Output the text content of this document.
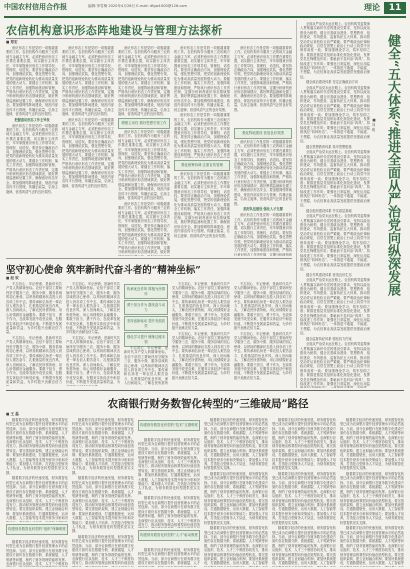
中国农村信用合作报	编辑:李雪梅 2020年4月28日 E-mail: dfgw1000@126.com	理论 11
农信机构意识形态阵地建设与管理方法探析
■ 郑宏

意识形态工作是党的一项极端重要的工作。农信机构作为服务三农的地方金融主力军，必须把意识形态工作摆在重要位置，切实履行主体责任，牢牢掌握意识形态工作领导权、管理权、话语权。要坚持正确政治方向，加强理论武装，强化思想引领，把党的创新理论转化为推动高质量发展的强大动力。要健全工作机制，落实工作责任，加强阵地建设和管理，严格执行意识形态工作责任制，定期分析研判意识形态领域情况，做好舆情监测和处置工作，确保意识形态安全。要加强网络阵地建设，规范内部宣传平台管理，传播正能量，弘扬主旋律，营造风清气正的良好氛围。

把握意识形态工作主导权

意识形态工作是党的一项极端重要的工作。农信机构作为服务三农的地方金融主力军，必须把意识形态工作摆在重要位置，切实履行主体责任，牢牢掌握意识形态工作领导权、管理权、话语权。要坚持正确政治方向，加强理论武装，强化思想引领，把党的创新理论转化为推动高质量发展的强大动力。要健全工作机制，落实工作责任，加强阵地建设和管理，严格执行意识形态工作责任制，定期分析研判意识形态领域情况，做好舆情监测和处置工作，确保意识形态安全。要加强网络阵地建设，规范内部宣传平台管理，传播正能量，弘扬主旋律，营造风清气正的良好氛围。

意识形态工作是党的一项极端重要的工作。农信机构作为服务三农的地方金融主力军，必须把意识形态工作摆在重要位置，切实履行主体责任，牢牢掌握意识形态工作领导权、管理权、话语权。要坚持正确政治方向，加强理论武装，强化思想引领，把党的创新理论转化为推动高质量发展的强大动力。要健全工作机制，落实工作责任，加强阵地建设和管理，严格执行意识形态工作责任制，定期分析研判意识形态领域情况，做好舆情监测和处置工作，确保意识形态安全。要加强网络阵地建设，规范内部宣传平台管理，传播正能量，弘扬主旋律，营造风清气正的良好氛围。

意识形态工作是党的一项极端重要的工作。农信机构作为服务三农的地方金融主力军，必须把意识形态工作摆在重要位置，切实履行主体责任，牢牢掌握意识形态工作领导权、管理权、话语权。要坚持正确政治方向，加强理论武装，强化思想引领，把党的创新理论转化为推动高质量发展的强大动力。要健全工作机制，落实工作责任，加强阵地建设和管理，严格执行意识形态工作责任制，定期分析研判意识形态领域情况，做好舆情监测和处置工作，确保意识形态安全。要加强网络阵地建设，规范内部宣传平台管理，传播正能量，弘扬主旋律，营造风清气正的良好氛围。

意识形态工作是党的一项极端重要的工作。农信机构作为服务三农的地方金融主力军，必须把意识形态工作摆在重要位置，切实履行主体责任，牢牢掌握意识形态工作领导权、管理权、话语权。要坚持正确政治方向，加强理论武装，强化思想引领，把党的创新理论转化为推动高质量发展的强大动力。要健全工作机制，落实工作责任，加强阵地建设和管理，严格执行意识形态工作责任制，定期分析研判意识形态领域情况，做好舆情监测和处置工作，确保意识形态安全。要加强网络阵地建设，规范内部宣传平台管理，传播正能量，弘扬主旋律，营造风清气正的良好氛围。

增强主动性 做好思想引领工作

意识形态工作是党的一项极端重要的工作。农信机构作为服务三农的地方金融主力军，必须把意识形态工作摆在重要位置，切实履行主体责任，牢牢掌握意识形态工作领导权、管理权、话语权。要坚持正确政治方向，加强理论武装，强化思想引领，把党的创新理论转化为推动高质量发展的强大动力。要健全工作机制，落实工作责任，加强阵地建设和管理，严格执行意识形态工作责任制，定期分析研判意识形态领域情况，做好舆情监测和处置工作，确保意识形态安全。要加强网络阵地建设，规范内部宣传平台管理，传播正能量，弘扬主旋律，营造风清气正的良好氛围。

意识形态工作是党的一项极端重要的工作。农信机构作为服务三农的地方金融主力军，必须把意识形态工作摆在重要位置，切实履行主体责任，牢牢掌握意识形态工作领导权、管理权、话语权。要坚持正确政治方向，加强理论武装，强化思想引领，把党的创新理论转化为推动高质量发展的强大动力。要健全工作机制，落实工作责任，加强阵地建设和管理，严格执行意识形态工作责任制，定期分析研判意识形态领域情况，做好舆

意识形态工作是党的一项极端重要的工作。农信机构作为服务三农的地方金融主力军，必须把意识形态工作摆在重要位置，切实履行主体责任，牢牢掌握意识形态工作领导权、管理权、话语权。要坚持正确政治方向，加强理论武装，强化思想引领，把党的创新理论转化为推动高质量发展的强大动力。要健全工作机制，落实工作责任，加强阵地建设和管理，严格执行意识形态工作责任制，定期分析研判意识形态领域情况，做好舆情监测和处置工作，确保意识形态安全。要加强网络阵地建设，规范内部宣传平台管理，传播正能量，弘扬主旋律，营造风清气正的良好氛围。

意识形态工作是党的一项极端重要的工作。农信机构作为服务三农的地方金融主力军，必须把意识形态工作摆在重要位置，切实履行主体责任，牢牢掌握意识形态工作领导权、管理权、话语权。要坚持正确政治方向，加强理论武装，强化思想引领，把党的创新理论转化为推动高质量发展的强大动力。要健全工作机制，落实工作责任，加强阵地建设和管理，严格执行意识形态工作责

强化统筹协调 注重宣传管理

意识形态工作是党的一项极端重要的工作。农信机构作为服务三农的地方金融主力军，必须把意识形态工作摆在重要位置，切实履行主体责任，牢牢掌握意识形态工作领导权、管理权、话语权。要坚持正确政治方向，加强理论武装，强化思想引领，把党的创新理论转化为推动高质量发展的强大动力。要健全工作机制，落实工作责任，加强阵地建设和管理，严格执行意识形态工作责任制，定期分析研判意识形态领域情况，做好舆情监测和处置工作，确保意识形态安全。要加强网络阵地建设，规范内部宣传平台管理，传播正能量，弘扬主旋律，营造风清气正的良好氛围。

意识形态工作是党的一项极端重要的工作。农信机构作为服务三农的地方金融主力军，必须把意识形态工作摆在重要位置，切实履行主体责任，牢牢掌握意识形态工作领导权、管理权、话语权。要坚持正确政治方向，加强理论武装，强化思想引领，把党的创新理论转化为推动高质量发展的强大动力。要健全工作机制，落实工作责任，加强阵地建设和管理，严格执行意识形态工作责任制，定期分析研判意识形态领域情况，做好舆情监测和处置工作，确保意识形态安全。要加强网络阵地建设，规范内部宣传平台管理，传播正能量，弘扬主旋律，营造风清气正的良好氛围。

强化阵地建设 营造良好氛围

意识形态工作是党的一项极端重要的工作。农信机构作为服务三农的地方金融主力军，必须把意识形态工作摆在重要位置，切实履行主体责任，牢牢掌握意识形态工作领导权、管理权、话语权。要坚持正确政治方向，加强理论武装，强化思想引领，把党的创新理论转化为推动高质量发展的强大动力。要健全工作机制，落实工作责任，加强阵地建设和管理，严格执行意识形态工作责任制，定期分析研判意识形态领域情况，做好舆情监测和处置工作，确保意识形态安全。要加强网络阵地建设，规范内部宣传平台管理，传播正能量，弘扬主旋律，营造风清气正的良好氛围。

抓好队伍建设 强化人才支撑

意识形态工作是党的一项极端重要的工作。农信机构作为服务三农的地方金融主力军，必须把意识形态工作摆在重要位置，切实履行主体责任，牢牢掌握意识形态工作领导权、管理权、话语权。要坚持正确政治方向，加强理论武装，强化思想引领，把党的创新理论转化为推动高质量发展的强大动力。要健全工作机制，落实工作责任，加强阵地建设和管理，严格执行意识形态工作责任制，定期分析研判意

坚守初心使命 筑牢新时代奋斗者的“精神坐标”
■ 赵 钦

不忘初心、牢记使命，是新时代共产党人的精神坐标。农信干部员工要始终坚守服务三农、服务小微、服务县域的初心使命，以昂扬的精神状态投入到各项工作中去。要传承和弘扬老一辈农信人艰苦奋斗、扎根基层的优良作风，深入田间地头，了解农民所需所盼，用心用情做好金融服务。要敢于担当、勇于作为，在改革发展中攻坚克难，在服务实体经济中彰显价值，不断提升发展质量和效益，为乡村振兴贡献农信力量。

不忘初心、牢记使命，是新时代共产党人的精神坐标。农信干部员工要始终坚守服务三农、服务小微、服务县域的初心使命，以昂扬的精神状态投入到各项工作中去。要传承和弘扬老一辈农信人艰苦奋斗、扎根基层的优良作风，深入田间地头，了解农民所需所盼，用心用情做好金融服务。要敢于担当、勇于作为，在改革发展中攻坚克难，在服务实体经济中彰显价值，不断提升发展质量和效益，为乡村振兴贡献农信力

不忘初心、牢记使命，是新时代共产党人的精神坐标。农信干部员工要始终坚守服务三农、服务小微、服务县域的初心使命，以昂扬的精神状态投入到各项工作中去。要传承和弘扬老一辈农信人艰苦奋斗、扎根基层的优良作风，深入田间地头，了解农民所需所盼，用心用情做好金融服务。要敢于担当、勇于作为，在改革发展中攻坚克难，在服务实体经济中彰显价值，不断提升发展质量和效益，为乡村振兴贡献农信力量。

不忘初心、牢记使命，是新时代共产党人的精神坐标。农信干部员工要始终坚守服务三农、服务小微、服务县域的初心使命，以昂扬的精神状态投入到各项工作中去。要传承和弘扬老一辈农信人艰苦奋斗、扎根基层的优良作风，深入田间地头，了解农民所需所盼，用心用情做好金融服务。要敢于担当、勇于作为，在改革发展中攻坚克难，在服务实体经济中彰显价值，不断提升发展质量和效益，为

传承优良作风 厚植为民情怀
勇于担当作为 激发奋斗动力
坚持创新驱动 提升发展质效
强化学习提升 锤炼过硬本领

不忘初心、牢记使命，是新时代共产党人的精神坐标。农信干部员工要始终坚守服务三农、服务小微、服务县域的初心使命，以昂扬的精神状态投入到各项工作中去。要传承和弘扬老一辈农信人艰苦奋斗、扎根基层的优良作风，深入田间地头，了解农民所需所

不忘初心、牢记使命，是新时代共产党人的精神坐标。农信干部员工要始终坚守服务三农、服务小微、服务县域的初心使命，以昂扬的精神状态投入到各项工作中去。要传承和弘扬老一辈农信人艰苦奋斗、扎根基层的优良作风，深入田间地头，了解农民所需所盼，用心用情做好金融服务。要敢于担当、勇于作为，在改革发展中攻坚克难，在服务实体经济中彰显价值，不断提升发展质量和效益，为乡村振兴贡献农信力量。

不忘初心、牢记使命，是新时代共产党人的精神坐标。农信干部员工要始终坚守服务三农、服务小微、服务县域的初心使命，以昂扬的精神状态投入到各项工作中去。要传承和弘扬老一辈农信人艰苦奋斗、扎根基层的优良作风，深入田间地头，了解农民所需所盼，用心用情做好金融服务。要敢于担当、勇于作为，在改革发展中攻坚克难，在服务实体经济中彰显价值，不断提升发展质量和效益，为乡村振兴贡献农信力量。

不忘初心、牢记使命，是新时代共产党人的精神坐标。农信干部员工要始终坚守服务三农、服务小微、服务县域的初心使命，以昂扬的精神状态投入到各项工作中去。要传承和弘扬老一辈农信人艰苦奋斗、扎根基层的优良作风，深入田间地头，了解农民所需所盼，用心用情做好金融服务。要敢于担当、勇于作为，在改革发展中攻坚克难，在服务实体经济中彰显价值，不断提升发展质量和效益，为乡村振兴贡献农信力量。

不忘初心、牢记使命，是新时代共产党人的精神坐标。农信干部员工要始终坚守服务三农、服务小微、服务县域的初心使命，以昂扬的精神状态投入到各项工作中去。要传承和弘扬老一辈农信人艰苦奋斗、扎根基层的优良作风，深入田间地头，了解农民所需所盼，用心用情做好金融服务。要敢于担当、勇于作为，在改革发展中攻坚克难，在服务实体经济中彰显价值，不断提升发展质量和效益，为乡村振兴贡献农信力量。

健全“五大体系”推进全面从严治党向纵深发展
■ 刘 明

全面从严治党永远在路上。农信机构党委要深入贯彻落实新时代党的建设总要求，坚持以政治建设为统领，健全完善政治建设、思想教育、组织建设、作风建设、监督执纪五大体系，推动管党治党从宽松软走向严紧硬。要严明政治纪律和政治规矩，自觉在思想上政治上行动上同党中央保持高度一致；要加强理论学习，筑牢信仰之基；要推进基层党组织标准化规范化建设，发挥党员先锋模范作用；要驰而不息纠治“四风”，持续改进工作作风；要强化日常监督，深化运用监督执纪“四种形态”，一体推进不敢腐、不能腐、不想腐，为农信事业高质量发展提供坚强政治保证。

健全政治建设体系 坚定正确政治方向

全面从严治党永远在路上。农信机构党委要深入贯彻落实新时代党的建设总要求，坚持以政治建设为统领，健全完善政治建设、思想教育、组织建设、作风建设、监督执纪五大体系，推动管党治党从宽松软走向严紧硬。要严明政治纪律和政治规矩，自觉在思想上政治上行动上同党中央保持高度一致；要加强理论学习，筑牢信仰之基；要推进基层党组织标准化规范化建设，发挥党员先锋模范作用；要驰而不息纠治“四风”，持续改进工作作风；要强化日常监督，深化运用监督执纪“四种形态”，一体推进不敢腐、不能腐、不想腐，为农信事业高质量发展提供坚强政治保证。

健全思想教育体系 筑牢思想根基

全面从严治党永远在路上。农信机构党委要深入贯彻落实新时代党的建设总要求，坚持以政治建设为统领，健全完善政治建设、思想教育、组织建设、作风建设、监督执纪五大体系，推动管党治党从宽松软走向严紧硬。要严明政治纪律和政治规矩，自觉在思想上政治上行动上同党中央保持高度一致；要加强理论学习，筑牢信仰之基；要推进基层党组织标准化规范化建设，发挥党员先锋模范作用；要驰而不息纠治“四风”，持续改进工作作风；要强化日常监督，深化运用监督执纪“四种形态”，一体推进不敢腐、不能腐、不想腐，为农信事业高质量发展提供坚强政治保证。

健全组织建设体系 夯实基层基础

全面从严治党永远在路上。农信机构党委要深入贯彻落实新时代党的建设总要求，坚持以政治建设为统领，健全完善政治建设、思想教育、组织建设、作风建设、监督执纪五大体系，推动管党治党从宽松软走向严紧硬。要严明政治纪律和政治规矩，自觉在思想上政治上行动上同党中央保持高度一致；要加强理论学习，筑牢信仰之基；要推进基层党组织标准化规范化建设，发挥党员先锋模范作用；要驰而不息纠治“四风”，持续改进工作作风；要强化日常监督，深化运用监督执纪“四种形态”，一体推进不敢腐、不能腐、不想腐，为农信事业高质量发展提供坚强政治保证。

健全作风建设体系 营造良好生态

全面从严治党永远在路上。农信机构党委要深入贯彻落实新时代党的建设总要求，坚持以政治建设为统领，健全完善政治建设、思想教育、组织建设、作风建设、监督执纪五大体系，推动管党治党从宽松软走向严紧硬。要严明政治纪律和政治规矩，自觉在思想上政治上行动上同党中央保持高度一致；要加强理论学习，筑牢信仰之基；要推进基层党组织标准化规范化建设，发挥党员先锋模范作用；要驰而不息纠治“四风”，持续改进工作作风；要强化日常监督，深化运用监督执纪“四种形态”，一体推进不敢腐、不能腐、不想腐，为农信事业高质量发展提供坚强政治保证。

健全监督执纪体系 强化权力约束

全面从严治党永远在路上。农信机构党委要深入贯彻落实新时代党的建设总要求，坚持以政治建设为统领，健全完善政治建设、思想教育、组织建设、作风建设、监督执纪五大体系，推动管党治党从宽松软走向严紧硬。要严明政治纪律和政治规矩，自觉在思想上政治上行动上同党中央保持高度一致；要加强理论学习，筑牢信仰之基；要推进基层党组织标准化规范化建设，发挥党员先锋模范作用；要驰而不息纠治“四风”，持续改进工作作风；要强化日常监督，深化运用监

农商银行财务数智化转型的“三维破局”路径
■ 王 磊

随着数字经济的快速发展，财务数智化转型已成为农商银行提升经营管理水平的必然选择。当前，部分农商银行在财务数字化建设方面仍存在数据分散、系统割裂、人才短缺等问题，制约了财务管理效能的发挥。农商银行应从组织、技术、人才三个维度协同发力，推动财务管理由核算型向价值创造型转变。要完善组织架构，建立业财融合机制；要加快系统建设，打通数据壁垒，运用大数据、人工智能等技术提升财务分析和决策能力；要加强人才培养，打造复合型财务人才队伍，为财务数智化转型提供坚实支撑。

随着数字经济的快速发展，财务数智化转型已成为农商银行提升经营管理水平的必然选择。当前，部分农商银行在财务数字化建设方面仍存在数据分散、系统割裂、人才短缺等问题，制约了财务管理效能的发挥。农商银行应从组织、技术、人才三个维度协同发力，推动财务管理由核算型向价值创造型转变。要完善组织架构，建立业财融合机制；要加快系统建设，打通数据壁垒，运用大数据、人工智能等技术提升财务分析和决

构建财务数智化转型的“组织”保障维度

随着数字经济的快速发展，财务数智化转型已成为农商银行提升经营管理水平的必然选择。当前，部分农商银行在财务数字化建设方面仍存在数据分散、系统割裂、人才短缺等问题，制约了财务管理效能的发挥。农商银行应从组织、技术、人才三个维度协

随着数字经济的快速发展，财务数智化转型已成为农商银行提升经营管理水平的必然选择。当前，部分农商银行在财务数字化建设方面仍存在数据分散、系统割裂、人才短缺等问题，制约了财务管理效能的发挥。农商银行应从组织、技术、人才三个维度协同发力，推动财务管理由核算型向价值创造型转变。要完善组织架构，建立业财融合机制；要加快系统建设，打通数据壁垒，运用大数据、人工智能等技术提升财务分析和决策能力；要加强人才培养，打造复合型财务人才队伍，为财务数智化转型提供坚实支撑。

随着数字经济的快速发展，财务数智化转型已成为农商银行提升经营管理水平的必然选择。当前，部分农商银行在财务数字化建设方面仍存在数据分散、系统割裂、人才短缺等问题，制约了财务管理效能的发挥。农商银行应从组织、技术、人才三个维度协同发力，推动财务管理由核算型向价值创造型转变。要完善组织架构，建立业财融合机制；要加快系统建设，打通数据壁垒，运用大数据、人工智能等技术提升财务分析和决策能力；要加强人才培养，打造复合型财务人才队伍，为财务数智化转型提供坚实支撑。

随着数字经济的快速发展，财务数智化转型已成为农商银行提升经营管理水平的必然选择。当前，部分农商银行在财务数字化建设方面仍存在数据分散、系统割裂、人才短缺等问题，制约了财务管理效能的发挥。农商银行应从组织、技术、人才三个维度协同发力，推动财务管理由核算型向价值创造

构建财务数智化转型的“技术”支撑维度

随着数字经济的快速发展，财务数智化转型已成为农商银行提升经营管理水平的必然选择。当前，部分农商银行在财务数字化建设方面仍存在数据分散、系统割裂、人才短缺等问题，制约了财务管理效能的发挥。农商银行应从组织、技术、人才三个维度协同发力，推动财务管理由核算型向价值创造型转变。要完善组织架构，建立业财融合机制；要加快系统建设，打通数据壁垒，运用大数据、人工智能等技术提升财务分析和决策能力；要加强人才培养，打造复合型财务人才队伍，为财务数智化转型提供坚实支撑。

随着数字经济的快速发展，财务数智化转型已成为农商银行提升经营管理水平的必然选择。当前，部分农商银行在财务数字化建设方面仍存在数据分散、系统割裂、人才短缺等问题，制约了财务管理效能的发挥。农商银行应从组织、技术、人才三个维度协同发力，推动财务管理由核算型向价值创造

构建财务数智化转型的“人才”驱动维度

随着数字经济的快速发展，财务数智化转型已成为农商银行提升经营管理水平的必然选择。当前，部分农商银行在财务数字化建设方面仍存在数据分散、系统割裂、人才

随着数字经济的快速发展，财务数智化转型已成为农商银行提升经营管理水平的必然选择。当前，部分农商银行在财务数字化建设方面仍存在数据分散、系统割裂、人才短缺等问题，制约了财务管理效能的发挥。农商银行应从组织、技术、人才三个维度协同发力，推动财务管理由核算型向价值创造型转变。要完善组织架构，建立业财融合机制；要加快系统建设，打通数据壁垒，运用大数据、人工智能等技术提升财务分析和决策能力；要加强人才培养，打造复合型财务人才队伍，为财务数智化转型提供坚实支撑。

随着数字经济的快速发展，财务数智化转型已成为农商银行提升经营管理水平的必然选择。当前，部分农商银行在财务数字化建设方面仍存在数据分散、系统割裂、人才短缺等问题，制约了财务管理效能的发挥。农商银行应从组织、技术、人才三个维度协同发力，推动财务管理由核算型向价值创造型转变。要完善组织架构，建立业财融合机制；要加快系统建设，打通数据壁垒，运用大数据、人工智能等技术提升财务分析和决策能力；要加强人才培养，打造复合型财务人才队伍，为财务数智化转型提供坚实支撑。

随着数字经济的快速发展，财务数智化转型已成为农商银行提升经营管理水平的必然选择。当前，部分农商银行在财务数字化建设方面仍存在数据分散、系统割裂、人才短缺等问题，制约了财务管理效能的发挥。农商银行应从组织、技术、人才三个维度协同发力，推动财务管理由核算型向价值创造型转变。要完善组织架构，建立业财融合机制；要加快系统建设，打通数据壁垒，运用大数据、人工智能等

随着数字经济的快速发展，财务数智化转型已成为农商银行提升经营管理水平的必然选择。当前，部分农商银行在财务数字化建设方面仍存在数据分散、系统割裂、人才短缺等问题，制约了财务管理效能的发挥。农商银行应从组织、技术、人才三个维度协同发力，推动财务管理由核算型向价值创造型转变。要完善组织架构，建立业财融合机制；要加快系统建设，打通数据壁垒，运用大数据、人工智能等技术提升财务分析和决策能力；要加强人才培养，打造复合型财务人才队伍，为财务数智化转型提供坚实支撑。

随着数字经济的快速发展，财务数智化转型已成为农商银行提升经营管理水平的必然选择。当前，部分农商银行在财务数字化建设方面仍存在数据分散、系统割裂、人才短缺等问题，制约了财务管理效能的发挥。农商银行应从组织、技术、人才三个维度协同发力，推动财务管理由核算型向价值创造型转变。要完善组织架构，建立业财融合机制；要加快系统建设，打通数据壁垒，运用大数据、人工智能等技术提升财务分析和决策能力；要加强人才培养，打造复合型财务人才队伍，为财务数智化转型提供坚实支撑。

随着数字经济的快速发展，财务数智化转型已成为农商银行提升经营管理水平的必然选择。当前，部分农商银行在财务数字化建设方面仍存在数据分散、系统割裂、人才短缺等问题，制约了财务管理效能的发挥。农商银行应从组织、技术、人才三个维度协同发力，推动财务管理由核算型向价值创造型转变。要完善组织架构，建立业财融合机制；要加快系统建设，打通数据壁垒，运用大数据、人工智能等

随着数字经济的快速发展，财务数智化转型已成为农商银行提升经营管理水平的必然选择。当前，部分农商银行在财务数字化建设方面仍存在数据分散、系统割裂、人才短缺等问题，制约了财务管理效能的发挥。农商银行应从组织、技术、人才三个维度协同发力，推动财务管理由核算型向价值创造型转变。要完善组织架构，建立业财融合机制；要加快系统建设，打通数据壁垒，运用大数据、人工智能等技术提升财务分析和决策能力；要加强人才培养，打造复合型财务人才队伍，为财务数智化转型提供坚实支撑。

随着数字经济的快速发展，财务数智化转型已成为农商银行提升经营管理水平的必然选择。当前，部分农商银行在财务数字化建设方面仍存在数据分散、系统割裂、人才短缺等问题，制约了财务管理效能的发挥。农商银行应从组织、技术、人才三个维度协同发力，推动财务管理由核算型向价值创造型转变。要完善组织架构，建立业财融合机制；要加快系统建设，打通数据壁垒，运用大数据、人工智能等技术提升财务分析和决策能力；要加强人才培养，打造复合型财务人才队伍，为财务数智化转型提供坚实支撑。

随着数字经济的快速发展，财务数智化转型已成为农商银行提升经营管理水平的必然选择。当前，部分农商银行在财务数字化建设方面仍存在数据分散、系统割裂、人才短缺等问题，制约了财务管理效能的发挥。农商银行应从组织、技术、人才三个维度协同发力，推动财务管理由核算型向价值创造型转变。要完善组织架构，建立业财融合机制；要加快系统建设，打通数据壁垒，运用大数据、人工智能等
